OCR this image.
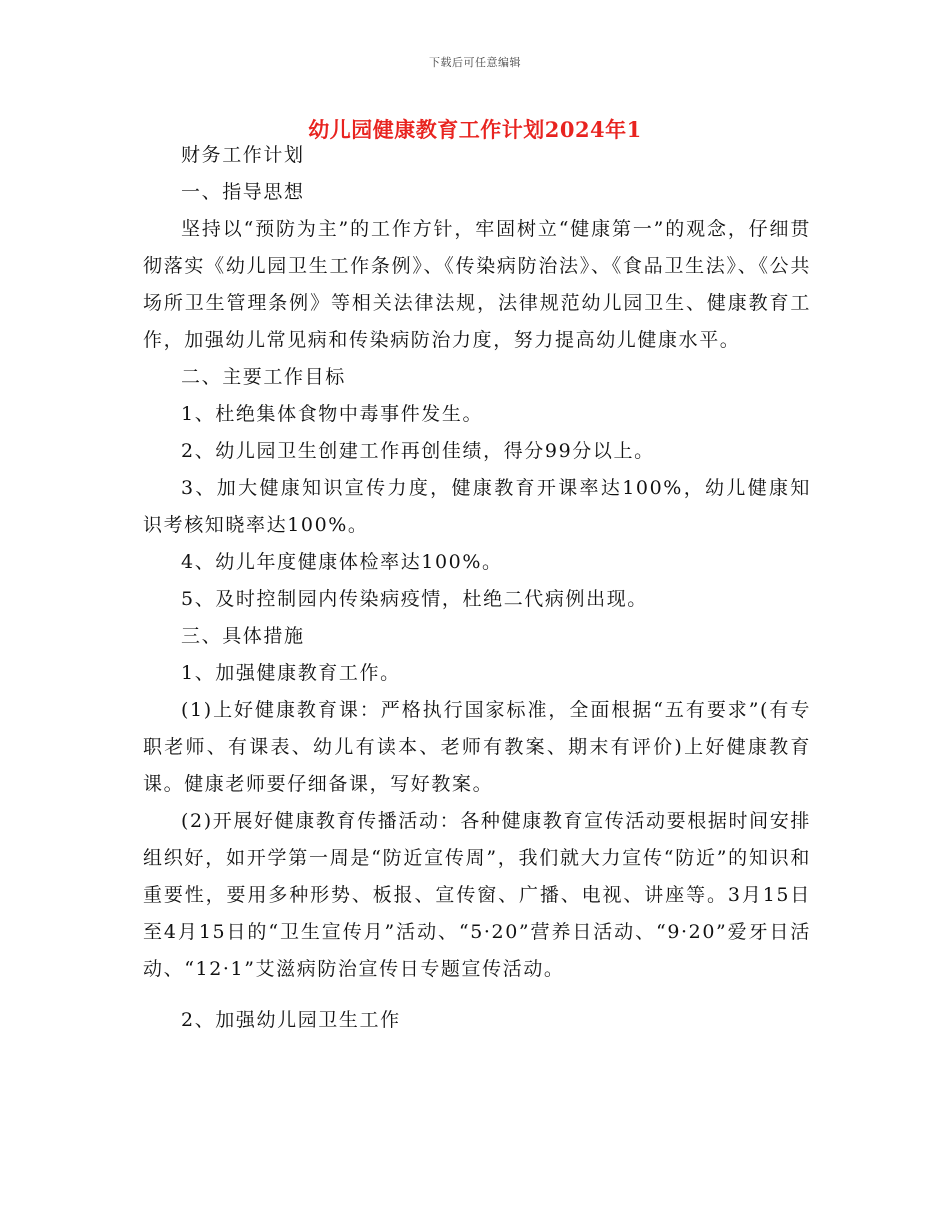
下载后可任意编辑
幼儿园健康教育工作计划2024年1

财务工作计划

一、指导思想

坚持以“预防为主”的工作方针，牢固树立“健康第一”的观念，仔细贯彻落实《幼儿园卫生工作条例》、《传染病防治法》、《食品卫生法》、《公共场所卫生管理条例》等相关法律法规，法律规范幼儿园卫生、健康教育工作，加强幼儿常见病和传染病防治力度，努力提高幼儿健康水平。

二、主要工作目标

1、杜绝集体食物中毒事件发生。

2、幼儿园卫生创建工作再创佳绩，得分99分以上。

3、加大健康知识宣传力度，健康教育开课率达100%，幼儿健康知识考核知晓率达100%。

4、幼儿年度健康体检率达100%。

5、及时控制园内传染病疫情，杜绝二代病例出现。

三、具体措施

1、加强健康教育工作。

(1)上好健康教育课：严格执行国家标准，全面根据“五有要求”(有专职老师、有课表、幼儿有读本、老师有教案、期末有评价)上好健康教育课。健康老师要仔细备课，写好教案。

(2)开展好健康教育传播活动：各种健康教育宣传活动要根据时间安排组织好，如开学第一周是“防近宣传周”，我们就大力宣传“防近”的知识和重要性，要用多种形势、板报、宣传窗、广播、电视、讲座等。3月15日至4月15日的“卫生宣传月”活动、“5·20”营养日活动、“9·20”爱牙日活动、“12·1”艾滋病防治宣传日专题宣传活动。

2、加强幼儿园卫生工作
